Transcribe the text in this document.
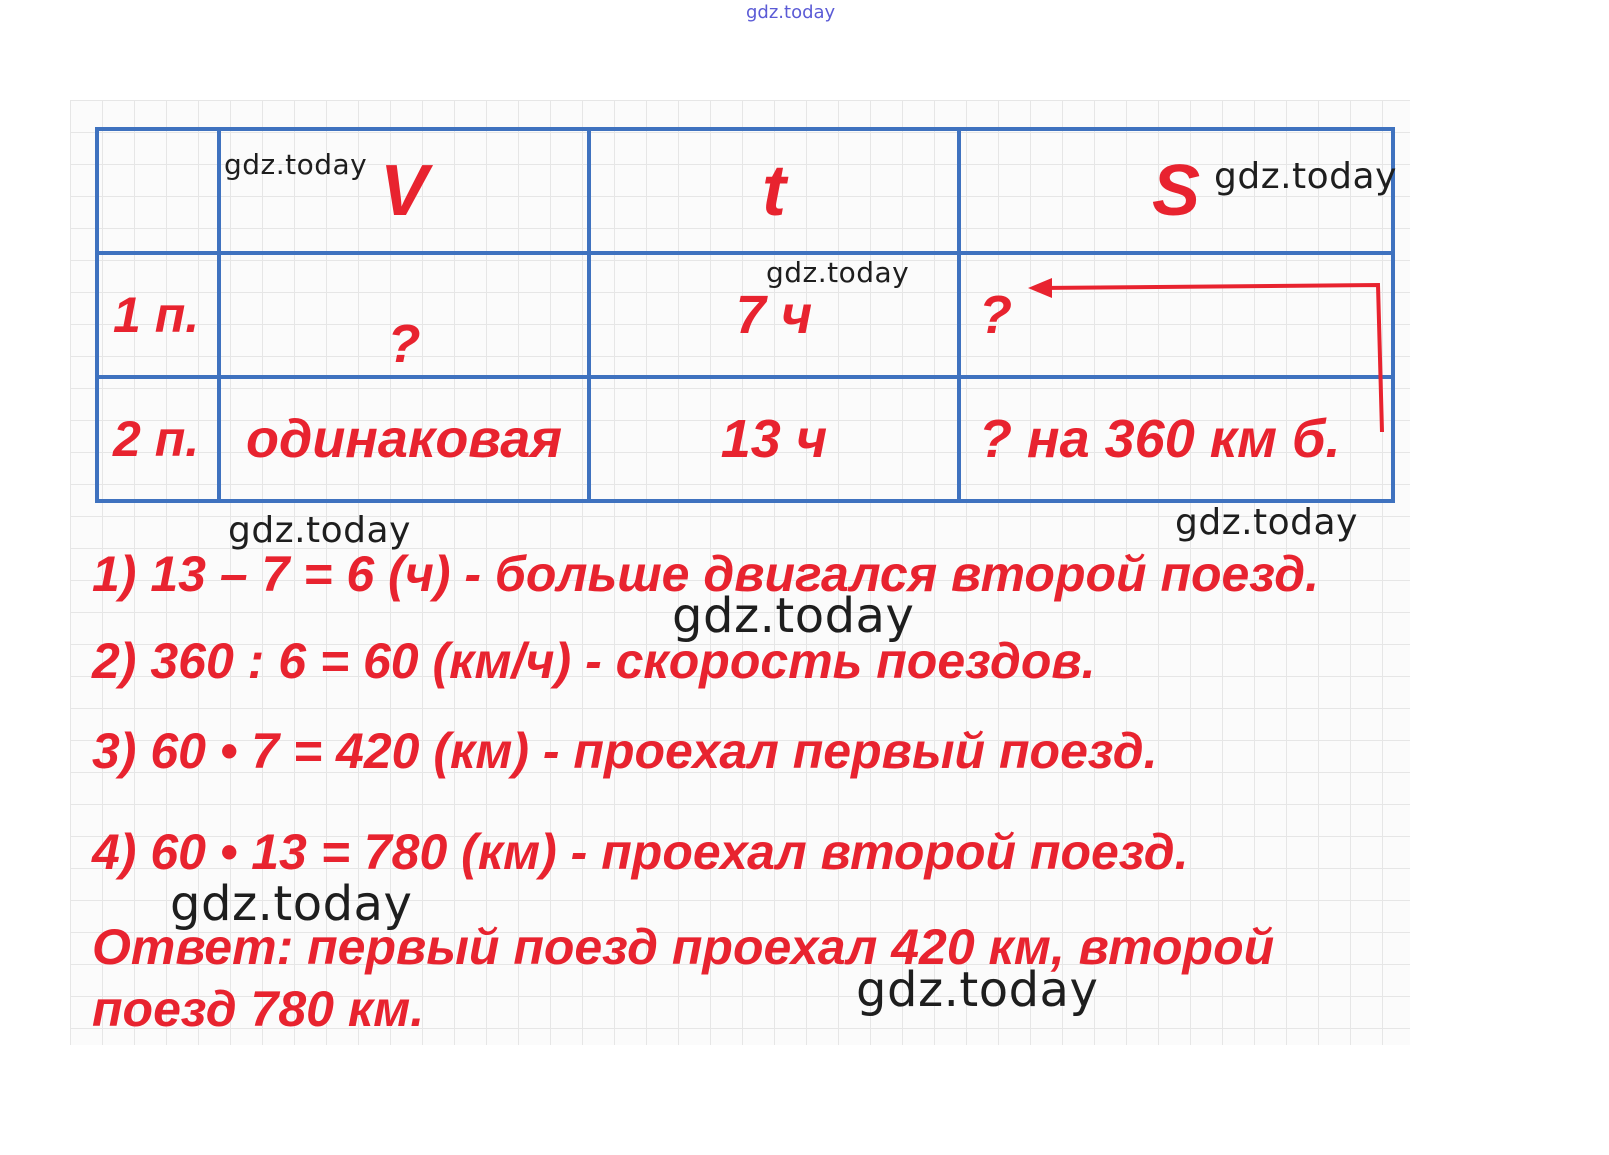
gdz.today
	V	t	S
1 п.	?	7 ч	?
2 п.	одинаковая	13 ч	? на 360 км б.
1) 13 – 7 = 6 (ч) - больше двигался второй поезд.
2) 360 : 6 = 60 (км/ч) - скорость поездов.
3) 60 • 7 = 420 (км) - проехал первый поезд.
4) 60 • 13 = 780 (км) - проехал второй поезд.
Ответ: первый поезд проехал 420 км, второй
поезд 780 км.
gdz.today	gdz.today
gdz.today
gdz.today	gdz.today
gdz.today
gdz.today
gdz.today
